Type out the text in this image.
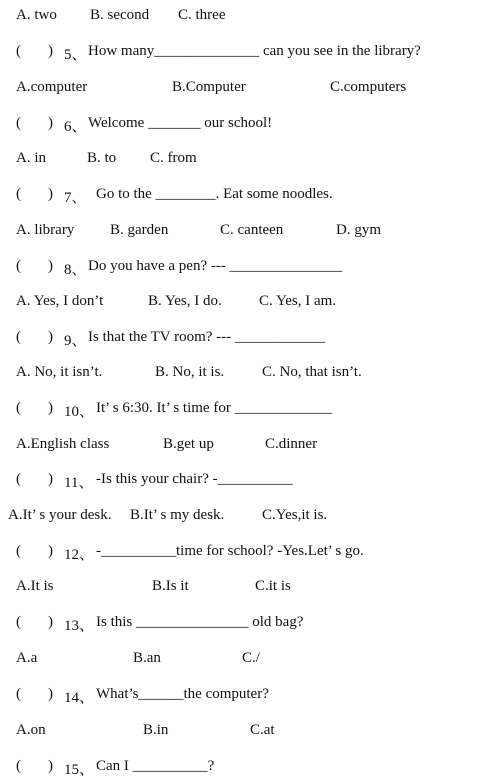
A. two B. second C. three
( ) 5、 How many______________ can you see in the library?
A.computer	B.Computer	C.computers
( ) 6、 Welcome _______ our school!
A. in	B. to C. from
( ) 7、 Go to the ________. Eat some noodles.
A. library B. garden	C. canteen	D. gym
( ) 8、 Do you have a pen? --- _______________
A. Yes, I don’t	B. Yes, I do. C. Yes, I am.
( ) 9、 Is that the TV room? --- ____________
A. No, it isn’t.	B. No, it is.	C. No, that isn’t.
( ) 10、 It’ s 6:30. It’ s time for _____________
A.English class	B.get up	C.dinner
( ) 11、 -Is this your chair? -__________
A.It’ s your desk. B.It’ s my desk.	C.Yes,it is.
( ) 12、 -__________time for school? -Yes.Let’ s go.
A.It is	B.Is it	C.it is
( ) 13、 Is this _______________ old bag?
A.a	B.an	C./
( ) 14、 What’s______the computer?
A.on	B.in	C.at
( ) 15、 Can I __________?
